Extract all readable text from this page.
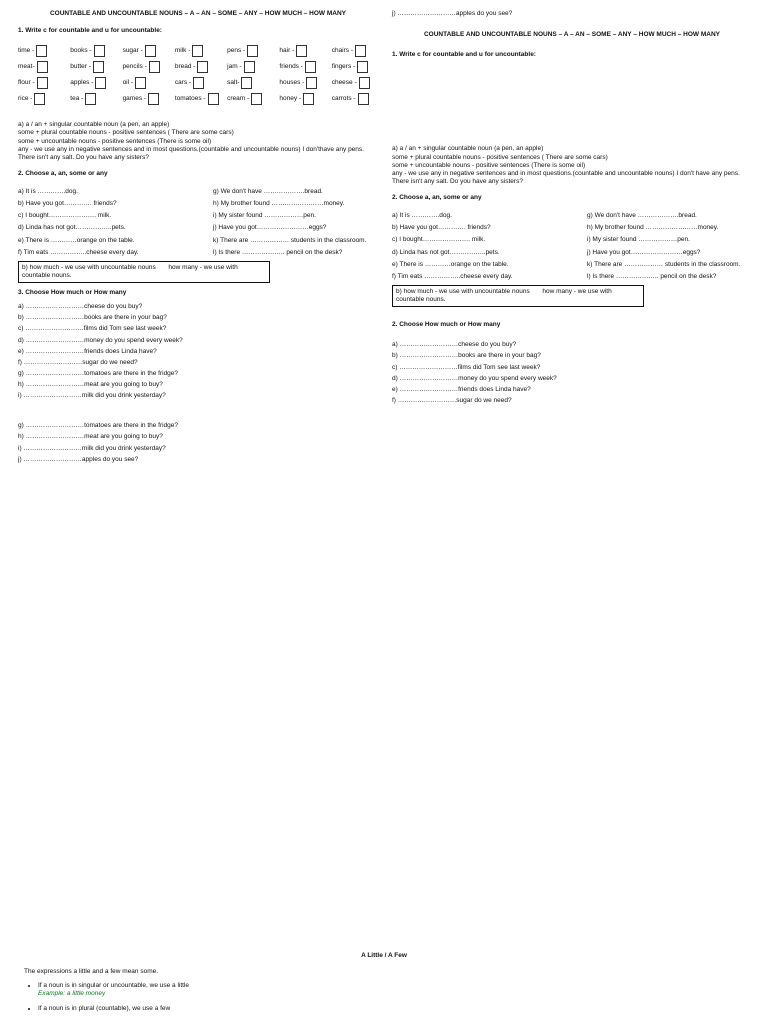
COUNTABLE AND UNCOUNTABLE NOUNS – A – AN – SOME – ANY – HOW MUCH – HOW MANY

1. Write c for countable and u for uncountable:

time -	books -	sugar -	milk -	pens -	hair -	chairs -
meat-	butter -	pencils -	bread -	jam -	friends -	fingers -
flour -	apples -	oil -	cars -	salt-	houses -	cheese -
rice -	tea -	games -	tomatoes -	cream -	honey -	carrots -

a) a / an + singular countable noun (a pen, an apple)

some + plural countable nouns - positive sentences ( There are some cars)

some + uncountable nouns - positive sentences (There is some oil)

any - we use any in negative sentences and in most questions.(countable and uncountable nouns) I don'thave any pens. There isn't any salt. Do you have any sisters?

2. Choose a, an, some or any

a) It is ………….dog.	g) We don't have ……………….bread.
b) Have you got…………. friends?	h) My brother found ……………………money.
c) I bought…………………. milk.	i) My sister found ………………pen.
d) Linda has not got……………..pets.	j) Have you got……………………eggs?
e) There is …………orange on the table.	k) There are ……………… students in the classroom.
f) Tim eats ……………..cheese every day.	l) Is there ……………….. pencil on the desk?
b) how much - we use with uncountable nouns how many - we use with countable nouns.

3. Choose How much or How many

a) ………………………cheese do you buy?

b) ………………………books are there in your bag?

c) ………………………films did Tom see last week?

d) ………………………money do you spend every week?

e) ………………………friends does Linda have?

f) ………………………sugar do we need?

g) ………………………tomatoes are there in the fridge?

h) ………………………meat are you going to buy?

i) ………………………milk did you drink yesterday?

g) ………………………tomatoes are there in the fridge?

h) ………………………meat are you going to buy?

i) ………………………milk did you drink yesterday?

j) ………………………apples do you see?

j) ………………………apples do you see?

COUNTABLE AND UNCOUNTABLE NOUNS – A – AN – SOME – ANY – HOW MUCH – HOW MANY

1. Write c for countable and u for uncountable:

a) a / an + singular countable noun (a pen, an apple)

some + plural countable nouns - positive sentences ( There are some cars)

some + uncountable nouns - positive sentences (There is some oil)

any - we use any in negative sentences and in most questions.(countable and uncountable nouns) I don't have any pens. There isn't any salt. Do you have any sisters?

2. Choose a, an, some or any

a) It is ………….dog.	g) We don't have ……………….bread.
b) Have you got…………. friends?	h) My brother found ……………………money.
c) I bought…………………. milk.	i) My sister found ………………pen.
d) Linda has not got……………..pets.	j) Have you got……………………eggs?
e) There is …………orange on the table.	k) There are ……………… students in the classroom.
f) Tim eats ……………..cheese every day.	l) Is there ……………….. pencil on the desk?
b) how much - we use with uncountable nouns how many - we use with countable nouns.

2. Choose How much or How many

a) ………………………cheese do you buy?

b) ………………………books are there in your bag?

c) ………………………films did Tom see last week?

d) ………………………money do you spend every week?

e) ………………………friends does Linda have?

f) ………………………sugar do we need?

A Little / A Few

The expressions a little and a few mean some.

• If a noun is in singular or uncountable, we use a little
Example: a little money
• If a noun is in plural (countable), we use a few
